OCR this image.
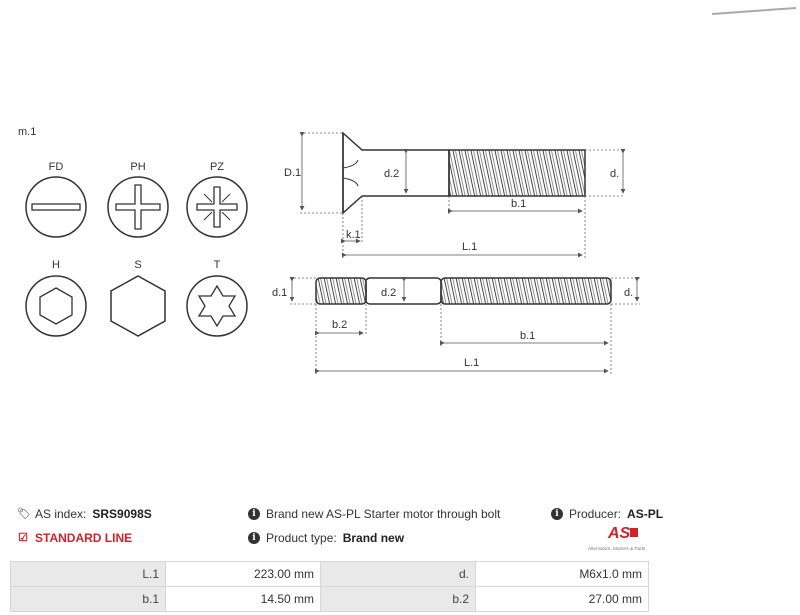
m.1
FD	PH	PZ
H	S	T
D.1	d.2	d.
b.1
k.1
L.1
d.1	d.2	d.
b.2
b.1
L.1
🏷︎ AS index: SRS9098S
☑ STANDARD LINE
i Brand new AS-PL Starter motor through bolt
i Product type: Brand new
i Producer: AS-PL
AS
Alternators, Starters & Parts
L.1	223.00 mm	d.	M6x1.0 mm
b.1	14.50 mm	b.2	27.00 mm
